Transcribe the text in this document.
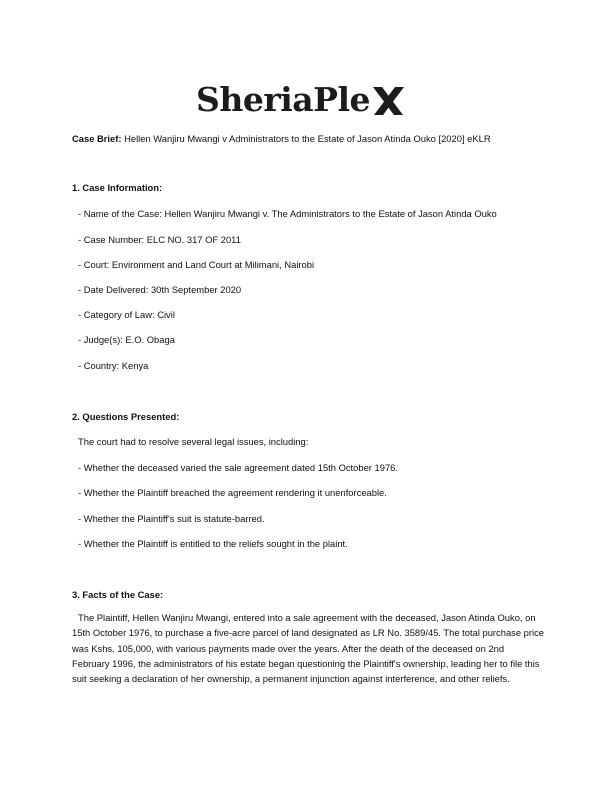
SheriaPle
Case Brief: Hellen Wanjiru Mwangi v Administrators to the Estate of Jason Atinda Ouko [2020] eKLR
1. Case Information:
- Name of the Case: Hellen Wanjiru Mwangi v. The Administrators to the Estate of Jason Atinda Ouko
- Case Number: ELC NO. 317 OF 2011
- Court: Environment and Land Court at Milimani, Nairobi
- Date Delivered: 30th September 2020
- Category of Law: Civil
- Judge(s): E.O. Obaga
- Country: Kenya
2. Questions Presented:
The court had to resolve several legal issues, including:
- Whether the deceased varied the sale agreement dated 15th October 1976.
- Whether the Plaintiff breached the agreement rendering it unenforceable.
- Whether the Plaintiff's suit is statute-barred.
- Whether the Plaintiff is entitled to the reliefs sought in the plaint.
3. Facts of the Case:
The Plaintiff, Hellen Wanjiru Mwangi, entered into a sale agreement with the deceased, Jason Atinda Ouko, on 15th October 1976, to purchase a five-acre parcel of land designated as LR No. 3589/45. The total purchase price was Kshs. 105,000, with various payments made over the years. After the death of the deceased on 2nd February 1996, the administrators of his estate began questioning the Plaintiff's ownership, leading her to file this suit seeking a declaration of her ownership, a permanent injunction against interference, and other reliefs.
